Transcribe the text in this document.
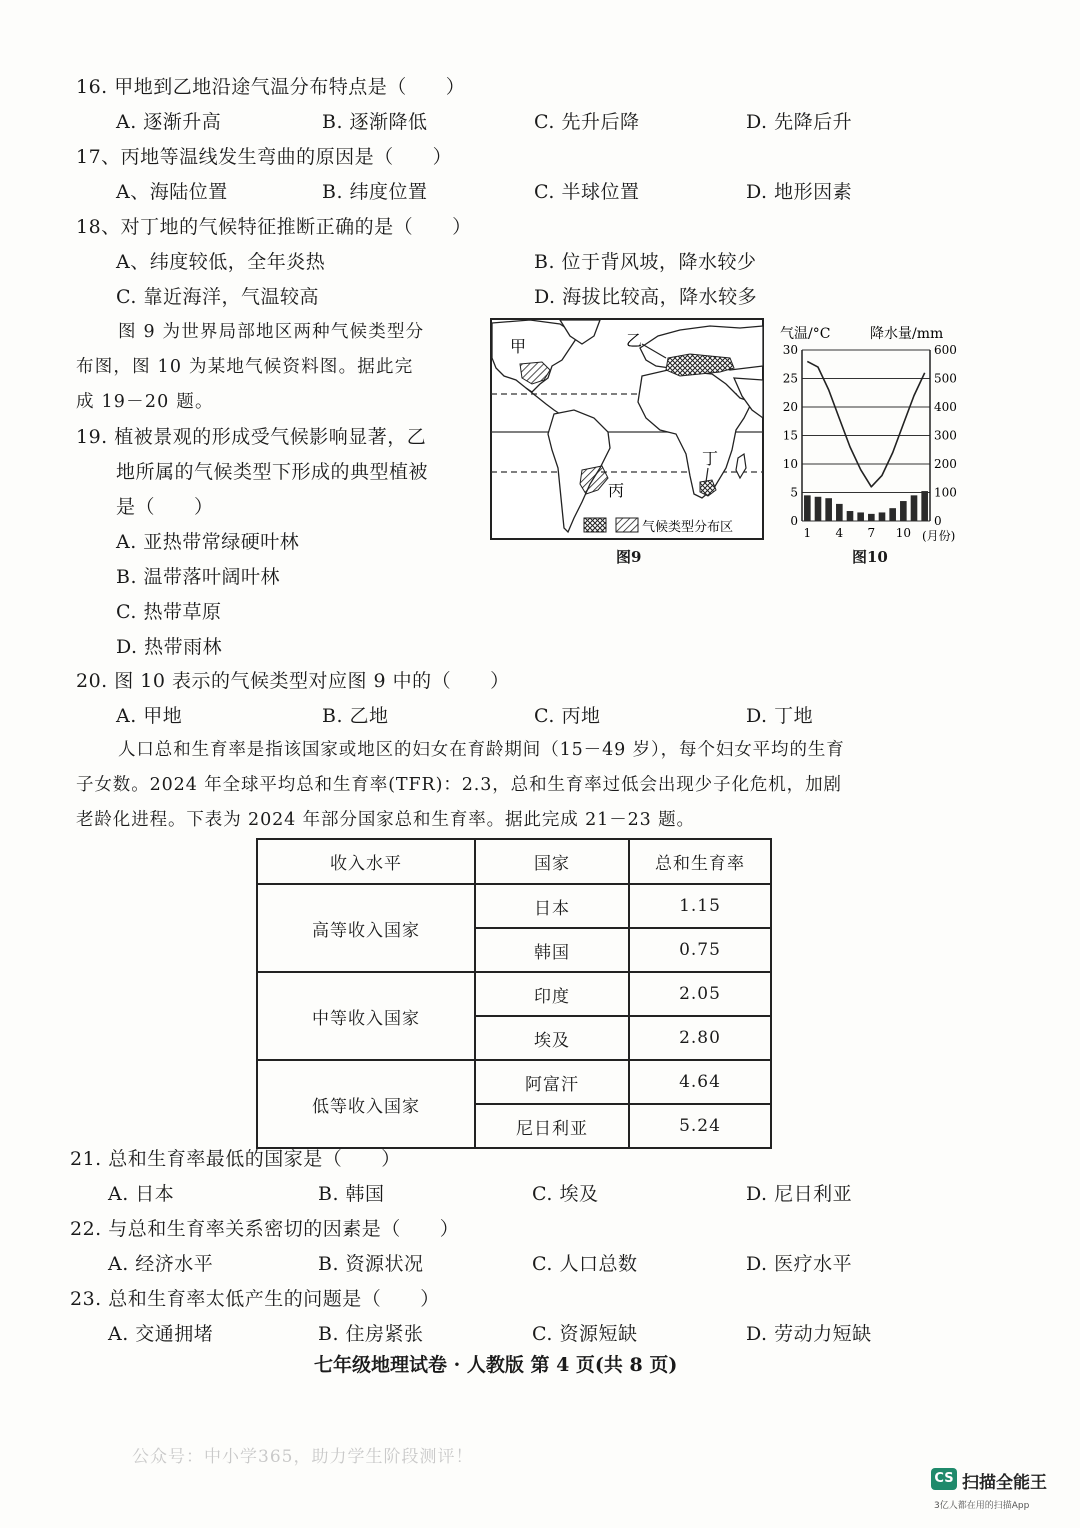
16. 甲地到乙地沿途气温分布特点是（　　）
A. 逐渐升高	B. 逐渐降低	C. 先升后降	D. 先降后升
17、丙地等温线发生弯曲的原因是（　　）
A、海陆位置	B. 纬度位置	C. 半球位置	D. 地形因素
18、对丁地的气候特征推断正确的是（　　）
A、纬度较低，全年炎热	B. 位于背风坡，降水较少
C. 靠近海洋，气温较高	D. 海拔比较高，降水较多
图 9 为世界局部地区两种气候类型分
布图，图 10 为某地气候资料图。据此完
成 19－20 题。
19. 植被景观的形成受气候影响显著，乙
地所属的气候类型下形成的典型植被
是（　　）
A. 亚热带常绿硬叶林
B. 温带落叶阔叶林
C. 热带草原
D. 热带雨林
甲	乙
丙
丁
气候类型分布区
图9
气温/°C	降水量/mm
0	0
5	100
10	200
15	300
20	400
25	500
30	600
1 4 7 10 (月份)
图10
20. 图 10 表示的气候类型对应图 9 中的（　　）
A. 甲地	B. 乙地	C. 丙地	D. 丁地
人口总和生育率是指该国家或地区的妇女在育龄期间（15－49 岁），每个妇女平均的生育
子女数。2024 年全球平均总和生育率(TFR)：2.3，总和生育率过低会出现少子化危机，加剧
老龄化进程。下表为 2024 年部分国家总和生育率。据此完成 21－23 题。
收入水平	国家	总和生育率
高等收入国家	日本	1.15
	韩国	0.75
中等收入国家	印度	2.05
	埃及	2.80
低等收入国家	阿富汗	4.64
	尼日利亚	5.24
21. 总和生育率最低的国家是（　　）
A. 日本	B. 韩国	C. 埃及	D. 尼日利亚
22. 与总和生育率关系密切的因素是（　　）
A. 经济水平	B. 资源状况	C. 人口总数	D. 医疗水平
23. 总和生育率太低产生的问题是（　　）
A. 交通拥堵	B. 住房紧张	C. 资源短缺	D. 劳动力短缺
七年级地理试卷 · 人教版 第 4 页(共 8 页)
公众号：中小学365，助力学生阶段测评！
CS 扫描全能王
3亿人都在用的扫描App
